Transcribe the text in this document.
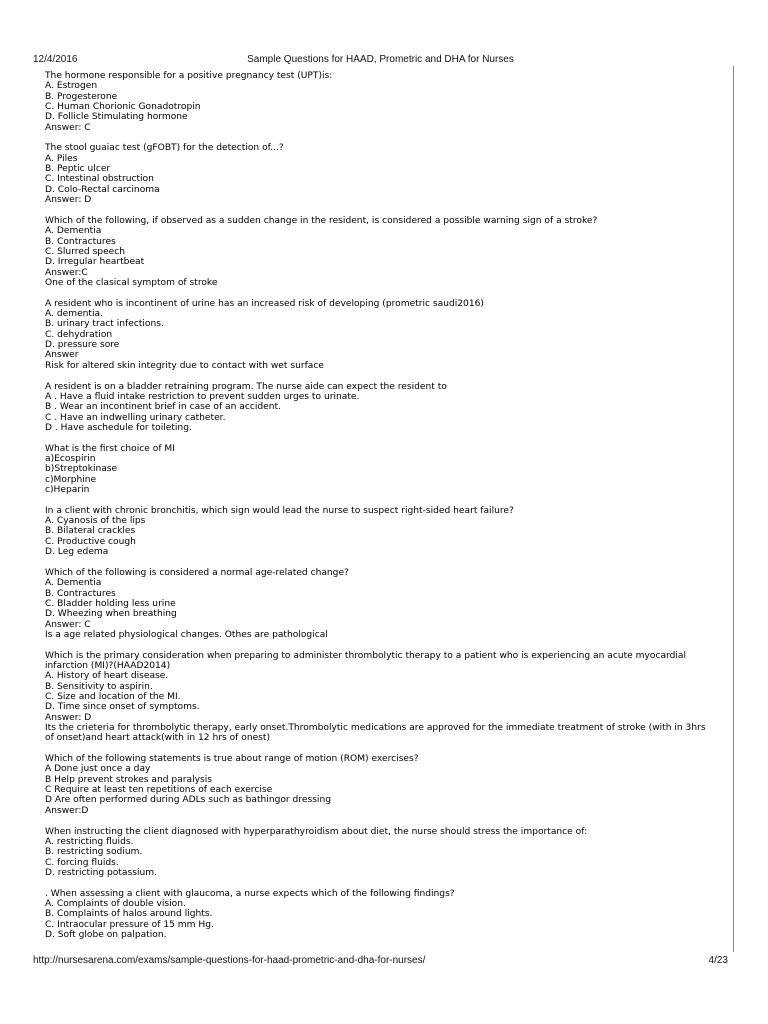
12/4/2016	Sample Questions for HAAD, Prometric and DHA for Nurses
The hormone responsible for a positive pregnancy test (UPT)is:
A. Estrogen
B. Progesterone
C. Human Chorionic Gonadotropin
D. Follicle Stimulating hormone
Answer: C
The stool guaiac test (gFOBT) for the detection of...?
A. Piles
B. Peptic ulcer
C. Intestinal obstruction
D. Colo-Rectal carcinoma
Answer: D
Which of the following, if observed as a sudden change in the resident, is considered a possible warning sign of a stroke?
A. Dementia
B. Contractures
C. Slurred speech
D. Irregular heartbeat
Answer:C
One of the clasical symptom of stroke
A resident who is incontinent of urine has an increased risk of developing (prometric saudi2016)
A. dementia.
B. urinary tract infections.
C. dehydration
D. pressure sore
Answer
Risk for altered skin integrity due to contact with wet surface
A resident is on a bladder retraining program. The nurse aide can expect the resident to
A . Have a fluid intake restriction to prevent sudden urges to urinate.
B . Wear an incontinent brief in case of an accident.
C . Have an indwelling urinary catheter.
D . Have aschedule for toileting.
What is the first choice of MI
a)Ecospirin
b)Streptokinase
c)Morphine
c)Heparin
In a client with chronic bronchitis, which sign would lead the nurse to suspect right-sided heart failure?
A. Cyanosis of the lips
B. Bilateral crackles
C. Productive cough
D. Leg edema
Which of the following is considered a normal age-related change?
A. Dementia
B. Contractures
C. Bladder holding less urine
D. Wheezing when breathing
Answer: C
Is a age related physiological changes. Othes are pathological
Which is the primary consideration when preparing to administer thrombolytic therapy to a patient who is experiencing an acute myocardial
infarction (MI)?(HAAD2014)
A. History of heart disease.
B. Sensitivity to aspirin.
C. Size and location of the MI.
D. Time since onset of symptoms.
Answer: D
Its the crieteria for thrombolytic therapy, early onset.Thrombolytic medications are approved for the immediate treatment of stroke (with in 3hrs
of onset)and heart attack(with in 12 hrs of onest)
Which of the following statements is true about range of motion (ROM) exercises?
A Done just once a day
B Help prevent strokes and paralysis
C Require at least ten repetitions of each exercise
D Are often performed during ADLs such as bathingor dressing
Answer:D
When instructing the client diagnosed with hyperparathyroidism about diet, the nurse should stress the importance of:
A. restricting fluids.
B. restricting sodium.
C. forcing fluids.
D. restricting potassium.
. When assessing a client with glaucoma, a nurse expects which of the following findings?
A. Complaints of double vision.
B. Complaints of halos around lights.
C. Intraocular pressure of 15 mm Hg.
D. Soft globe on palpation.
http://nursesarena.com/exams/sample-questions-for-haad-prometric-and-dha-for-nurses/	4/23
